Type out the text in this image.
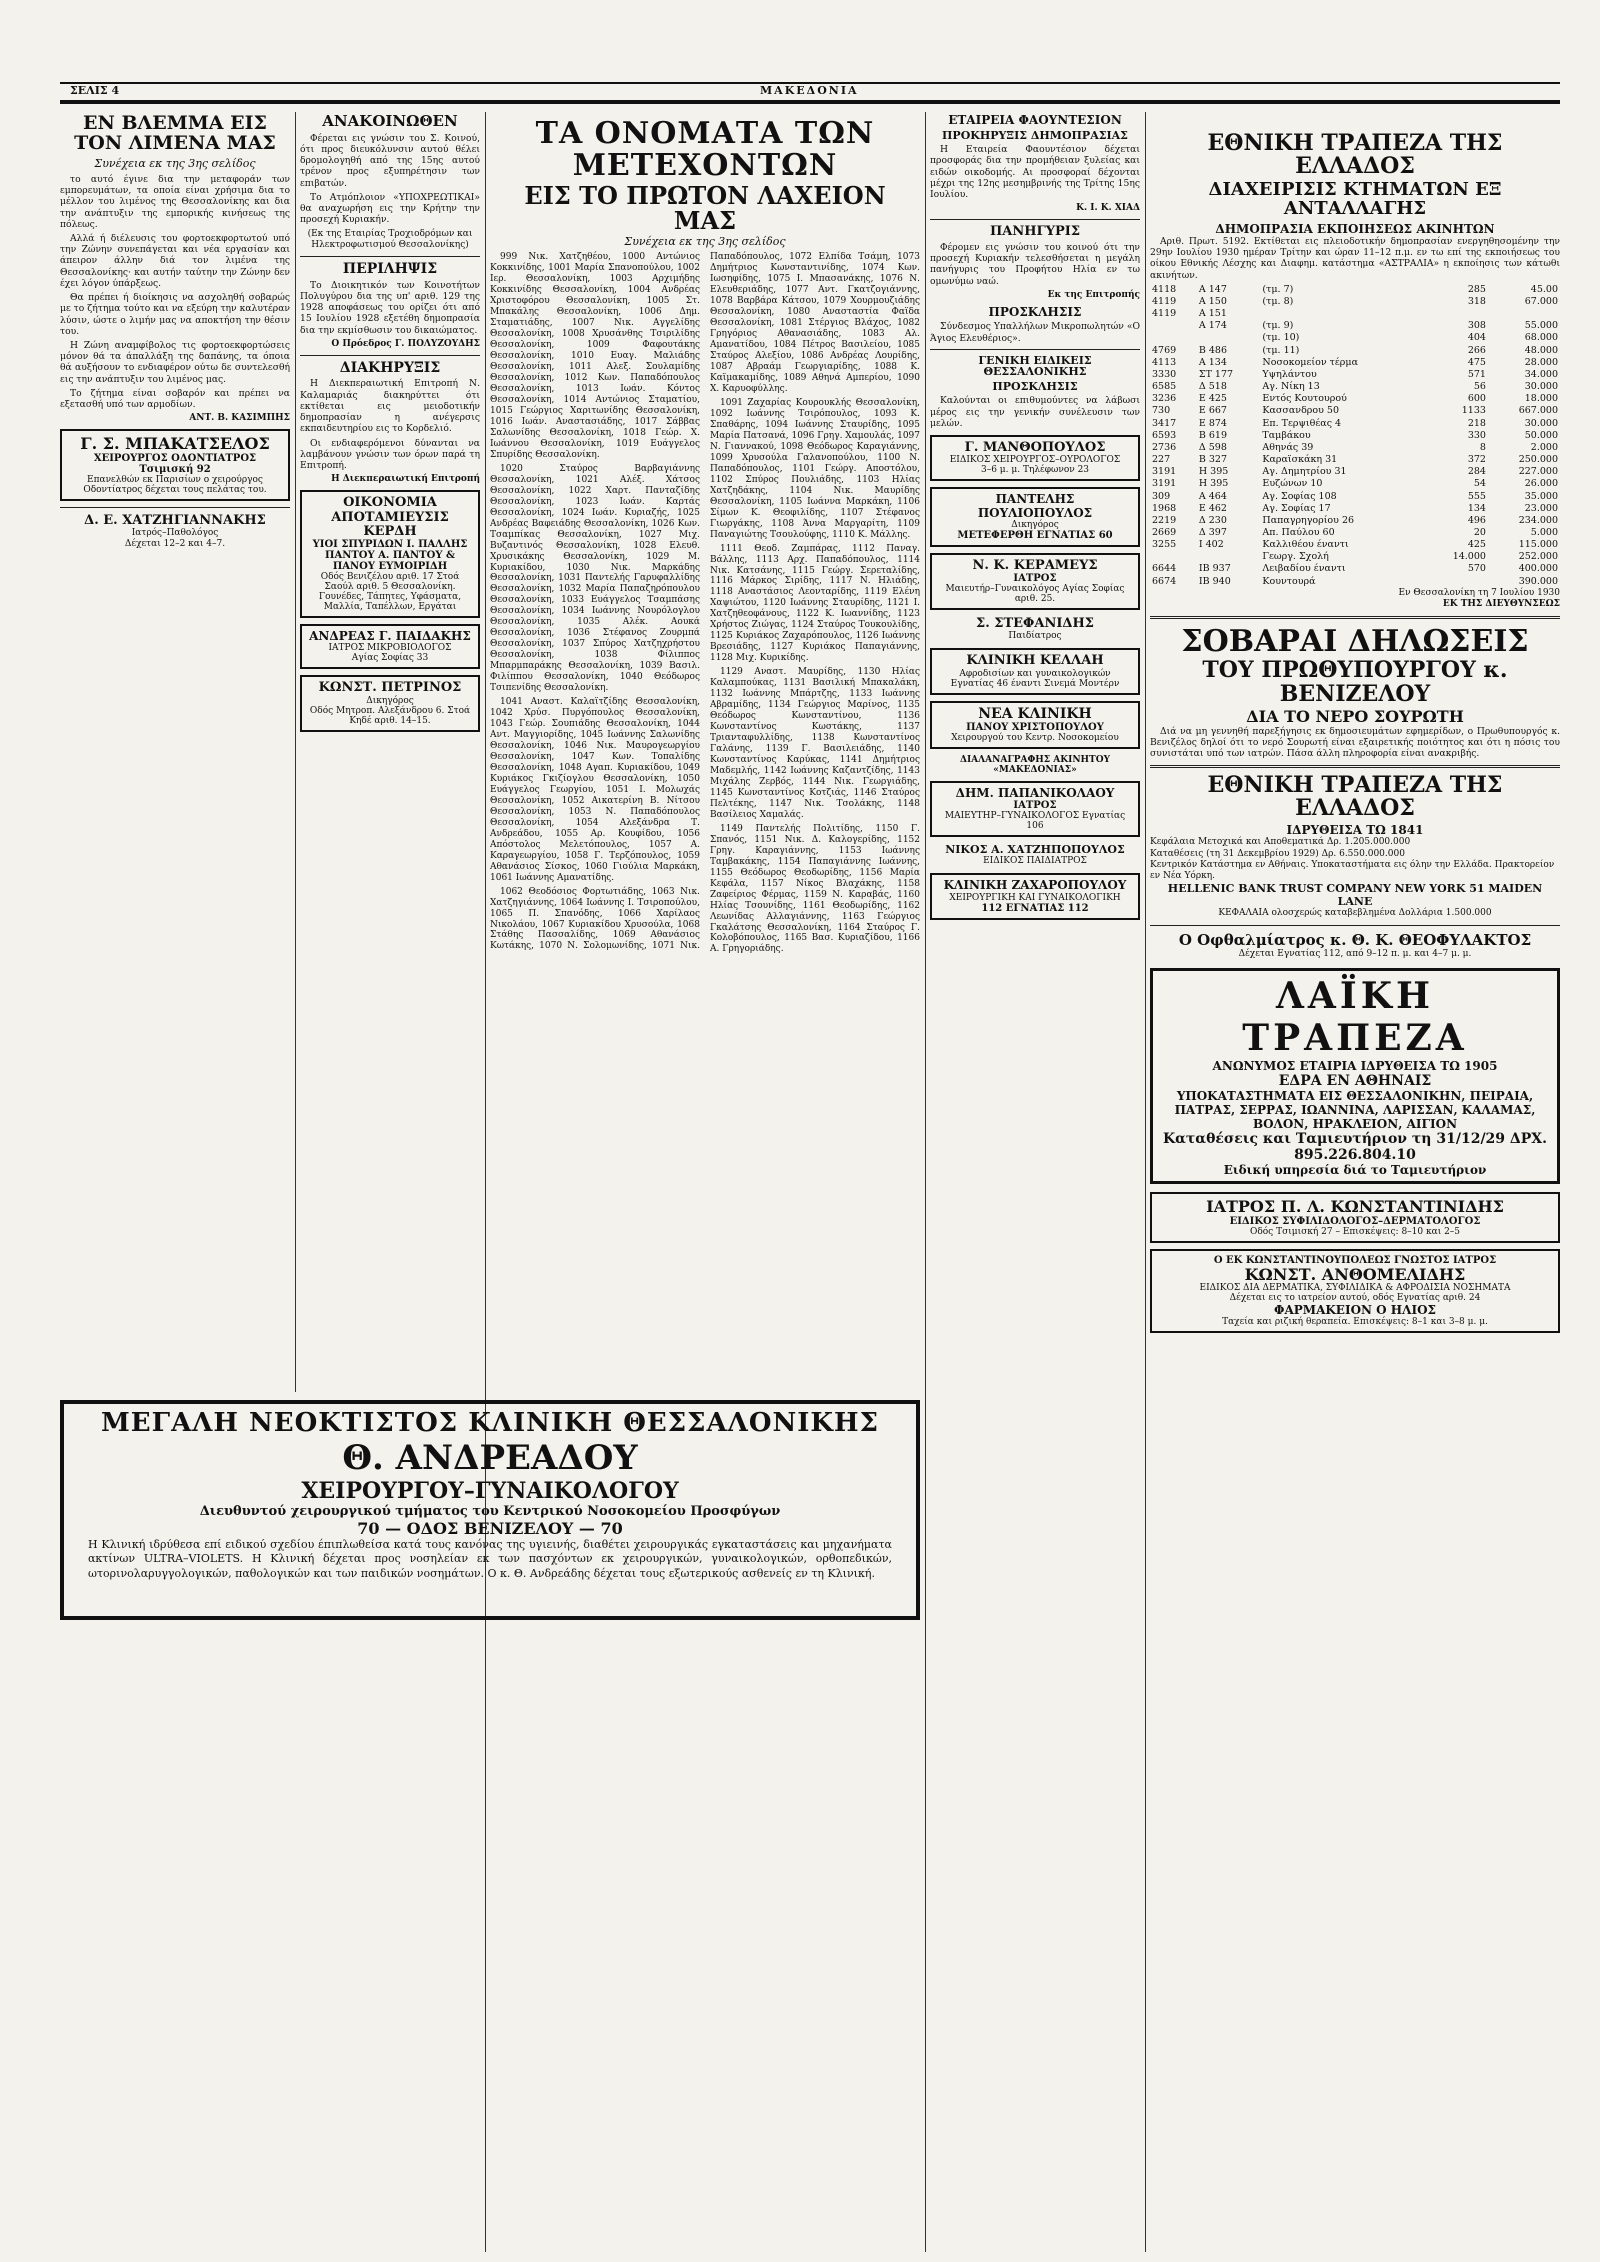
ΣΕΛΙΣ 4	ΜΑΚΕΔΟΝΙΑ
ΕΝ ΒΛΕΜΜΑ ΕΙΣ ΤΟΝ ΛΙΜΕΝΑ ΜΑΣ
Συνέχεια εκ της 3ης σελίδος

το αυτό έγινε δια την μεταφοράν των εμπορευμάτων, τα οποία είναι χρήσιμα δια το μέλλον του λιμένος της Θεσσαλονίκης και δια την ανάπτυξιν της εμπορικής κινήσεως της πόλεως.

Αλλά ή διέλευσις του φορτοεκφορτωτού υπό την Ζώνην συνεπάγεται και νέα εργασίαν και άπειρον άλλην διά τον λιμένα της Θεσσαλονίκης· και αυτήν ταύτην την Ζώνην δεν έχει λόγον ύπάρξεως.

Θα πρέπει ή διοίκησις να ασχοληθή σοβαρώς με το ζήτημα τούτο και να εξεύρη την καλυτέραν λύσιν, ώστε ο λιμήν μας να αποκτήση την θέσιν του.

Η Ζώνη αναμφίβολος τις φορτοεκφορτώσεις μόνον θά τα άπαλλάξη της δαπάνης, τα όποια θά αυξήσουν το ενδιαφέρον ούτω δε συντελεσθή εις την ανάπτυξιν του λιμένος μας.

Το ζήτημα είναι σοβαρόν και πρέπει να εξετασθή υπό των αρμοδίων.

ΑΝΤ. Β. ΚΑΣΙΜΠΗΣ
Γ. Σ. ΜΠΑΚΑΤΣΕΛΟΣ
ΧΕΙΡΟΥΡΓΟΣ ΟΔΟΝΤΙΑΤΡΟΣ
Τσιμισκή 92
Επανελθών εκ Παρισίων ο χειρούργος Οδοντίατρος δέχεται τους πελάτας του.
Δ. Ε. ΧΑΤΖΗΓΙΑΝΝΑΚΗΣ
Ιατρός–Παθολόγος
Δέχεται 12–2 και 4–7.
ΑΝΑΚΟΙΝΩΘΕΝ

Φέρεται εις γνώσιν του Σ. Κοινού, ότι προς διευκόλυνσιν αυτού θέλει δρομολογηθή από της 15ης αυτού τρένον προς εξυπηρέτησιν των επιβατών.

Το Ατμόπλοιον «ΥΠΟΧΡΕΩΤΙΚΑΙ» θα αναχωρήση εις την Κρήτην την προσεχή Κυριακήν.

(Εκ της Εταιρίας Τροχιοδρόμων και Ηλεκτροφωτισμού Θεσσαλονίκης)
ΠΕΡΙΛΗΨΙΣ

Το Διοικητικόν των Κοινοτήτων Πολυγύρου δια της υπ' αριθ. 129 της 1928 αποφάσεως του ορίζει ότι από 15 Ιουλίου 1928 εξετέθη δημοπρασία δια την εκμίσθωσιν του δικαιώματος.

Ο Πρόεδρος Γ. ΠΟΛΥΖΟΥΔΗΣ
ΔΙΑΚΗΡΥΞΙΣ

Η Διεκπεραιωτική Επιτροπή Ν. Καλαμαριάς διακηρύττει ότι εκτίθεται εις μειοδοτικήν δημοπρασίαν η ανέγερσις εκπαιδευτηρίου εις το Κορδελιό.

Οι ενδιαφερόμενοι δύνανται να λαμβάνουν γνώσιν των όρων παρά τη Επιτροπή.

Η Διεκπεραιωτική Επιτροπή
ΟΙΚΟΝΟΜΙΑ ΑΠΟΤΑΜΙΕΥΣΙΣ ΚΕΡΔΗ
ΥΙΟΙ ΣΠΥΡΙΔΩΝ Ι. ΠΑΛΛΗΣ
ΠΑΝΤΟΥ Α. ΠΑΝΤΟΥ & ΠΑΝΟΥ ΕΥΜΟΙΡΙΔΗ
Οδός Βενιζέλου αριθ. 17 Στοά Σαούλ αριθ. 5 Θεσσαλονίκη.
Γουνέδες, Τάπητες, Υφάσματα, Μαλλία, Ταπέλλων, Εργάται
ΑΝΔΡΕΑΣ Γ. ΠΑΙΔΑΚΗΣ
ΙΑΤΡΟΣ ΜΙΚΡΟΒΙΟΛΟΓΟΣ
Αγίας Σοφίας 33
ΚΩΝΣΤ. ΠΕΤΡΙΝΟΣ
Δικηγόρος
Οδός Μητροπ. Αλεξάνδρου 6. Στοά Κηδέ αριθ. 14–15.
ΤΑ ΟΝΟΜΑΤΑ ΤΩΝ ΜΕΤΕΧΟΝΤΩΝ
ΕΙΣ ΤΟ ΠΡΩΤΟΝ ΛΑΧΕΙΟΝ ΜΑΣ
Συνέχεια εκ της 3ης σελίδος

999 Νικ. Χατζηθέου, 1000 Αντώνιος Κοκκινίδης, 1001 Μαρία Σπανοπούλου, 1002 Ιερ. Θεσσαλονίκη, 1003 Αρχιμήδης Κοκκινίδης Θεσσαλονίκη, 1004 Ανδρέας Χριστοφόρου Θεσσαλονίκη, 1005 Στ. Μπακάλης Θεσσαλονίκη, 1006 Δημ. Σταματιάδης, 1007 Νικ. Αγγελίδης Θεσσαλονίκη, 1008 Χρυσάνθης Τσιριλίδης Θεσσαλονίκη, 1009 Φαφουτάκης Θεσσαλονίκη, 1010 Ευαγ. Μαλιάδης Θεσσαλονίκη, 1011 Αλεξ. Σουλαμίδης Θεσσαλονίκη, 1012 Κων. Παπαδόπουλος Θεσσαλονίκη, 1013 Ιωάν. Κόντος Θεσσαλονίκη, 1014 Αντώνιος Σταματίου, 1015 Γεώργιος Χαριτωνίδης Θεσσαλονίκη, 1016 Ιωάν. Αναστασιάδης, 1017 Σάββας Σαλωνίδης Θεσσαλονίκη, 1018 Γεώρ. Χ. Ιωάννου Θεσσαλονίκη, 1019 Ευάγγελος Σπυρίδης Θεσσαλονίκη.

1020 Σταύρος Βαρβαγιάννης Θεσσαλονίκη, 1021 Αλέξ. Χάτσος Θεσσαλονίκη, 1022 Χαρτ. Πανταζίδης Θεσσαλονίκη, 1023 Ιωάν. Καρτάς Θεσσαλονίκη, 1024 Ιωάν. Κυριαζής, 1025 Ανδρέας Βαφειάδης Θεσσαλονίκη, 1026 Κων. Τσαμπίκας Θεσσαλονίκη, 1027 Μιχ. Βυζαντινός Θεσσαλονίκη, 1028 Ελευθ. Χρυσικάκης Θεσσαλονίκη, 1029 Μ. Κυριακίδου, 1030 Νικ. Μαρκάδης Θεσσαλονίκη, 1031 Παντελής Γαρυφαλλίδης Θεσσαλονίκη, 1032 Μαρία Παπαζηρόπουλου Θεσσαλονίκη, 1033 Ευάγγελος Τσαμπάσης Θεσσαλονίκη, 1034 Ιωάννης Νουρόλογλου Θεσσαλονίκη, 1035 Αλέκ. Αουκά Θεσσαλονίκη, 1036 Στέφανος Ζουρμπά Θεσσαλονίκη, 1037 Σπύρος Χατζηχρήστου Θεσσαλονίκη, 1038 Φίλιππος Μπαρμπαράκης Θεσσαλονίκη, 1039 Βασιλ. Φιλίππου Θεσσαλονίκη, 1040 Θεόδωρος Τσιπενίδης Θεσσαλονίκη.

1041 Αναστ. Καλαϊτζίδης Θεσσαλονίκη, 1042 Χρύσ. Πυργόπουλος Θεσσαλονίκη, 1043 Γεώρ. Σουπιάδης Θεσσαλονίκη, 1044 Αντ. Μαγγιορίδης, 1045 Ιωάννης Σαλωνίδης Θεσσαλονίκη, 1046 Νικ. Μαυρογεωργίου Θεσσαλονίκη, 1047 Κων. Τοπαλίδης Θεσσαλονίκη, 1048 Αγαπ. Κυριακίδου, 1049 Κυριάκος Γκιζίογλου Θεσσαλονίκη, 1050 Ευάγγελος Γεωργίου, 1051 Ι. Μολωχάς Θεσσαλονίκη, 1052 Αικατερίνη Β. Νίτσου Θεσσαλονίκη, 1053 Ν. Παπαδόπουλος Θεσσαλονίκη, 1054 Αλεξάνδρα Τ. Ανδρεάδου, 1055 Αρ. Κουφίδου, 1056 Απόστολος Μελετόπουλος, 1057 Α. Καραγεωργίου, 1058 Γ. Τερζόπουλος, 1059 Αθανάσιος Σίσκος, 1060 Γιούλια Μαρκάκη, 1061 Ιωάννης Αμανατίδης.

1062 Θεοδόσιος Φορτωτιάδης, 1063 Νικ. Χατζηγιάννης, 1064 Ιωάννης Ι. Τσιροπούλου, 1065 Π. Σπανόδης, 1066 Χαρίλαος Νικολάου, 1067 Κυριακίδου Χρυσούλα, 1068 Στάθης Πασσαλίδης, 1069 Αθανάσιος Κωτάκης, 1070 Ν. Σολομωνίδης, 1071 Νικ. Παπαδόπουλος, 1072 Ελπίδα Τσάμη, 1073 Δημήτριος Κωνσταντινίδης, 1074 Κων. Ιωσηφίδης, 1075 Ι. Μπασανάκης, 1076 Ν. Ελευθεριάδης, 1077 Αντ. Γκατζογιάννης, 1078 Βαρβάρα Κάτσου, 1079 Χουρμουζιάδης Θεσσαλονίκη, 1080 Ανασταστία Φαϊδα Θεσσαλονίκη, 1081 Στέργιος Βλάχος, 1082 Γρηγόριος Αθανασιάδης, 1083 Αλ. Αμανατίδου, 1084 Πέτρος Βασιλείου, 1085 Σταύρος Αλεξίου, 1086 Ανδρέας Λουρίδης, 1087 Αβραάμ Γεωργιαρίδης, 1088 Κ. Καϊμακαμίδης, 1089 Αθηνά Αμπερίου, 1090 Χ. Καρυοφύλλης.

1091 Ζαχαρίας Κουρουκλής Θεσσαλονίκη, 1092 Ιωάννης Τσιρόπουλος, 1093 Κ. Σπαθάρης, 1094 Ιωάννης Σταυρίδης, 1095 Μαρία Πατσανά, 1096 Γρηγ. Χαμουλάς, 1097 Ν. Γιαννακού, 1098 Θεόδωρος Καραγιάννης, 1099 Χρυσούλα Γαλανοπούλου, 1100 Ν. Παπαδόπουλος, 1101 Γεώργ. Αποστόλου, 1102 Σπύρος Πουλιάδης, 1103 Ηλίας Χατζηδάκης, 1104 Νικ. Μαυρίδης Θεσσαλονίκη, 1105 Ιωάννα Μαρκάκη, 1106 Σίμων Κ. Θεοφιλίδης, 1107 Στέφανος Γιωργάκης, 1108 Άννα Μαργαρίτη, 1109 Παναγιώτης Τσουλούφης, 1110 Κ. Μάλλης.

1111 Θεοδ. Ζαμπάρας, 1112 Παναγ. Βάλλης, 1113 Αρχ. Παπαδόπουλος, 1114 Νικ. Κατσάνης, 1115 Γεώργ. Σερεταλίδης, 1116 Μάρκος Σιρίδης, 1117 Ν. Ηλιάδης, 1118 Αναστάσιος Λεονταρίδης, 1119 Ελένη Χαψιώτου, 1120 Ιωάννης Σταυρίδης, 1121 Ι. Χατζηθεοφάνους, 1122 Κ. Ιωαννίδης, 1123 Χρήστος Ζιώγας, 1124 Σταύρος Τουκουλίδης, 1125 Κυριάκος Ζαχαρόπουλος, 1126 Ιωάννης Βρεσιάδης, 1127 Κυριάκος Παπαγιάννης, 1128 Μιχ. Κυρικίδης.

1129 Αναστ. Μαυρίδης, 1130 Ηλίας Καλαμπούκας, 1131 Βασιλική Μπακαλάκη, 1132 Ιωάννης Μπάρτζης, 1133 Ιωάννης Αβραμίδης, 1134 Γεώργιος Μαρίνος, 1135 Θεόδωρος Κωνσταντίνου, 1136 Κωνσταντίνος Κωστάκης, 1137 Τριανταφυλλίδης, 1138 Κωνσταντίνος Γαλάνης, 1139 Γ. Βασιλειάδης, 1140 Κωνσταντίνος Καρύκας, 1141 Δημήτριος Μαδεμλής, 1142 Ιωάννης Καζαντζίδης, 1143 Μιχάλης Ζερβός, 1144 Νικ. Γεωργιάδης, 1145 Κωνσταντίνος Κοτζιάς, 1146 Σταύρος Πελτέκης, 1147 Νικ. Τσολάκης, 1148 Βασίλειος Χαμαλάς.

1149 Παντελής Πολιτίδης, 1150 Γ. Σπανός, 1151 Νικ. Δ. Καλογερίδης, 1152 Γρηγ. Καραγιάννης, 1153 Ιωάννης Ταμβακάκης, 1154 Παπαγιάννης Ιωάννης, 1155 Θεόδωρος Θεοδωρίδης, 1156 Μαρία Κεφάλα, 1157 Νίκος Βλαχάκης, 1158 Ζαφείριος Φέρμας, 1159 Ν. Καραβάς, 1160 Ηλίας Τσουνίδης, 1161 Θεοδωρίδης, 1162 Λεωνίδας Αλλαγιάννης, 1163 Γεώργιος Γκαλάτσης Θεσσαλονίκη, 1164 Σταύρος Γ. Κολοβόπουλος, 1165 Βασ. Κυριαζίδου, 1166 Α. Γρηγοριάδης.

ΕΤΑΙΡΕΙΑ ΦΑΟΥΝΤΕΣΙΟΝ
ΠΡΟΚΗΡΥΞΙΣ ΔΗΜΟΠΡΑΣΙΑΣ

Η Εταιρεία Φαουντέσιον δέχεται προσφοράς δια την προμήθειαν ξυλείας και ειδών οικοδομής. Αι προσφοραί δέχονται μέχρι της 12ης μεσημβρινής της Τρίτης 15ης Ιουλίου.

Κ. Ι. Κ. ΧΙΑΔ
ΠΑΝΗΓΥΡΙΣ

Φέρομεν εις γνώσιν του κοινού ότι την προσεχή Κυριακήν τελεσθήσεται η μεγάλη πανήγυρις του Προφήτου Ηλία εν τω ομωνύμω ναώ.

Εκ της Επιτροπής
ΠΡΟΣΚΛΗΣΙΣ

Σύνδεσμος Υπαλλήλων Μικροπωλητών «Ο Άγιος Ελευθέριος».

ΓΕΝΙΚΗ ΕΙΔΙΚΕΙΣ ΘΕΣΣΑΛΟΝΙΚΗΣ
ΠΡΟΣΚΛΗΣΙΣ

Καλούνται οι επιθυμούντες να λάβωσι μέρος εις την γενικήν συνέλευσιν των μελών.

Γ. ΜΑΝΘΟΠΟΥΛΟΣ
ΕΙΔΙΚΟΣ ΧΕΙΡΟΥΡΓΟΣ–ΟΥΡΟΛΟΓΟΣ
3–6 μ. μ. Τηλέφωνον 23
ΠΑΝΤΕΛΗΣ ΠΟΥΛΙΟΠΟΥΛΟΣ
Δικηγόρος
ΜΕΤΕΦΕΡΘΗ ΕΓΝΑΤΙΑΣ 60
Ν. Κ. ΚΕΡΑΜΕΥΣ
ΙΑΤΡΟΣ
Μαιευτήρ–Γυναικολόγος Αγίας Σοφίας αριθ. 25.
Σ. ΣΤΕΦΑΝΙΔΗΣ
Παιδίατρος
ΚΛΙΝΙΚΗ ΚΕΛΛΑΗ
Αφροδισίων και γυναικολογικών
Εγνατίας 46 έναντι Σινεμά Μοντέρν
ΝΕΑ ΚΛΙΝΙΚΗ
ΠΑΝΟΥ ΧΡΙΣΤΟΠΟΥΛΟΥ
Χειρουργού του Κεντρ. Νοσοκομείου
ΔΙΑΛΑΝΑΓΡΑΦΗΣ ΑΚΙΝΗΤΟΥ «ΜΑΚΕΔΟΝΙΑΣ»
ΔΗΜ. ΠΑΠΑΝΙΚΟΛΑΟΥ
ΙΑΤΡΟΣ
ΜΑΙΕΥΤΗΡ–ΓΥΝΑΙΚΟΛΟΓΟΣ Εγνατίας 106
ΝΙΚΟΣ Α. ΧΑΤΖΗΠΟΠΟΥΛΟΣ
ΕΙΔΙΚΟΣ ΠΑΙΔΙΑΤΡΟΣ
ΚΛΙΝΙΚΗ ΖΑΧΑΡΟΠΟΥΛΟΥ
ΧΕΙΡΟΥΡΓΙΚΗ ΚΑΙ ΓΥΝΑΙΚΟΛΟΓΙΚΗ
112 ΕΓΝΑΤΙΑΣ 112
ΕΘΝΙΚΗ ΤΡΑΠΕΖΑ ΤΗΣ ΕΛΛΑΔΟΣ
ΔΙΑΧΕΙΡΙΣΙΣ ΚΤΗΜΑΤΩΝ ΕΞ ΑΝΤΑΛΛΑΓΗΣ
ΔΗΜΟΠΡΑΣΙΑ ΕΚΠΟΙΗΣΕΩΣ ΑΚΙΝΗΤΩΝ

Αριθ. Πρωτ. 5192. Εκτίθεται εις πλειοδοτικήν δημοπρασίαν ενεργηθησομένην την 29ην Ιουλίου 1930 ημέραν Τρίτην και ώραν 11–12 π.μ. εν τω επί της εκποιήσεως του οίκου Εθνικής Λέσχης και Διαφημ. κατάστημα «ΑΣΤΡΑΛΙΑ» η εκποίησις των κάτωθι ακινήτων.

4118	Α 147	(τμ. 7)	285	45.00
4119	Α 150	(τμ. 8)	318	67.000
4119	Α 151			
	Α 174	(τμ. 9)	308	55.000
		(τμ. 10)	404	68.000
4769	Β 486	(τμ. 11)	266	48.000
4113	Α 134	Νοσοκομείον τέρμα	475	28.000
3330	ΣΤ 177	Υψηλάντου	571	34.000
6585	Δ 518	Αγ. Νίκη 13	56	30.000
3236	Ε 425	Εντός Κουτουρού	600	18.000
730	Ε 667	Κασσανδρου 50	1133	667.000
3417	Ε 874	Επ. Τερψιθέας 4	218	30.000
6593	Β 619	Ταμβάκου	330	50.000
2736	Δ 598	Αθηνάς 39	8	2.000
227	Β 327	Καραϊσκάκη 31	372	250.000
3191	Η 395	Αγ. Δημητρίου 31	284	227.000
3191	Η 395	Ευζώνων 10	54	26.000
309	Α 464	Αγ. Σοφίας 108	555	35.000
1968	Ε 462	Αγ. Σοφίας 17	134	23.000
2219	Δ 230	Παπαγρηγορίου 26	496	234.000
2669	Δ 397	Απ. Παύλου 60	20	5.000
3255	Ι 402	Καλλιθέου έναντι	425	115.000
		Γεωργ. Σχολή	14.000	252.000
6644	ΙΒ 937	Λειβαδίου έναντι	570	400.000
6674	ΙΒ 940	Κουντουρά		390.000
Εν Θεσσαλονίκη τη 7 Ιουλίου 1930
ΕΚ ΤΗΣ ΔΙΕΥΘΥΝΣΕΩΣ
ΣΟΒΑΡΑΙ ΔΗΛΩΣΕΙΣ
ΤΟΥ ΠΡΩΘΥΠΟΥΡΓΟΥ κ. ΒΕΝΙΖΕΛΟΥ
ΔΙΑ ΤΟ ΝΕΡΟ ΣΟΥΡΩΤΗ

Διά να μη γεννηθή παρεξήγησις εκ δημοσιευμάτων εφημερίδων, ο Πρωθυπουργός κ. Βενιζέλος δηλοί ότι το νερό Σουρωτή είναι εξαιρετικής ποιότητος και ότι η πόσις του συνιστάται υπό των ιατρών. Πάσα άλλη πληροφορία είναι ανακριβής.

ΕΘΝΙΚΗ ΤΡΑΠΕΖΑ ΤΗΣ ΕΛΛΑΔΟΣ
ΙΔΡΥΘΕΙΣΑ ΤΩ 1841
Κεφάλαια Μετοχικά και Αποθεματικά Δρ. 1.205.000.000
Καταθέσεις (τη 31 Δεκεμβρίου 1929) Δρ. 6.550.000.000
Κεντρικόν Κατάστημα εν Αθήναις. Υποκαταστήματα εις όλην την Ελλάδα. Πρακτορείον εν Νέα Υόρκη.
HELLENIC BANK TRUST COMPANY NEW YORK 51 MAIDEN LANE
ΚΕΦΑΛΑΙΑ ολοσχερώς καταβεβλημένα Δολλάρια 1.500.000
Ο Οφθαλμίατρος κ. Θ. Κ. ΘΕΟΦΥΛΑΚΤΟΣ
Δέχεται Εγνατίας 112, από 9–12 π. μ. και 4–7 μ. μ.
ΛΑΪΚΗ ΤΡΑΠΕΖΑ
ΑΝΩΝΥΜΟΣ ΕΤΑΙΡΙΑ ΙΔΡΥΘΕΙΣΑ ΤΩ 1905
ΕΔΡΑ ΕΝ ΑΘΗΝΑΙΣ
ΥΠΟΚΑΤΑΣΤΗΜΑΤΑ ΕΙΣ ΘΕΣΣΑΛΟΝΙΚΗΝ, ΠΕΙΡΑΙΑ, ΠΑΤΡΑΣ, ΣΕΡΡΑΣ, ΙΩΑΝΝΙΝΑ, ΛΑΡΙΣΣΑΝ, ΚΑΛΑΜΑΣ, ΒΟΛΟΝ, ΗΡΑΚΛΕΙΟΝ, ΑΙΓΙΟΝ
Καταθέσεις και Ταμιευτήριον τη 31/12/29 ΔΡΧ. 895.226.804.10
Ειδική υπηρεσία διά το Ταμιευτήριον
ΙΑΤΡΟΣ Π. Λ. ΚΩΝΣΤΑΝΤΙΝΙΔΗΣ
ΕΙΔΙΚΟΣ ΣΥΦΙΛΙΔΟΛΟΓΟΣ–ΔΕΡΜΑΤΟΛΟΓΟΣ
Οδός Τσιμισκή 27 – Επισκέψεις: 8–10 και 2–5
Ο ΕΚ ΚΩΝΣΤΑΝΤΙΝΟΥΠΟΛΕΩΣ ΓΝΩΣΤΟΣ ΙΑΤΡΟΣ
ΚΩΝΣΤ. ΑΝΘΟΜΕΛΙΔΗΣ
ΕΙΔΙΚΟΣ ΔΙΑ ΔΕΡΜΑΤΙΚΑ, ΣΥΦΙΛΙΔΙΚΑ & ΑΦΡΟΔΙΣΙΑ ΝΟΣΗΜΑΤΑ
Δέχεται εις το ιατρείον αυτού, οδός Εγνατίας αριθ. 24
ΦΑΡΜΑΚΕΙΟΝ Ο ΗΛΙΟΣ
Ταχεία και ριζική θεραπεία. Επισκέψεις: 8–1 και 3–8 μ. μ.
ΜΕΓΑΛΗ ΝΕΟΚΤΙΣΤΟΣ ΚΛΙΝΙΚΗ ΘΕΣΣΑΛΟΝΙΚΗΣ
Θ. ΑΝΔΡΕΑΔΟΥ
ΧΕΙΡΟΥΡΓΟΥ–ΓΥΝΑΙΚΟΛΟΓΟΥ
Διευθυντού χειρουργικού τμήματος του Κεντρικού Νοσοκομείου Προσφύγων
70 — ΟΔΟΣ ΒΕΝΙΖΕΛΟΥ — 70
Η Κλινική ιδρύθεσα επί ειδικού σχεδίου έπιπλωθείσα κατά τους κανόνας της υγιεινής, διαθέτει χειρουργικάς εγκαταστάσεις και μηχανήματα ακτίνων ULTRA–VIOLETS. Η Κλινική δέχεται προς νοσηλείαν εκ των πασχόντων εκ χειρουργικών, γυναικολογικών, ορθοπεδικών, ωτορινολαρυγγολογικών, παθολογικών και των παιδικών νοσημάτων. Ο κ. Θ. Ανδρεάδης δέχεται τους εξωτερικούς ασθενείς εν τη Κλινική.
